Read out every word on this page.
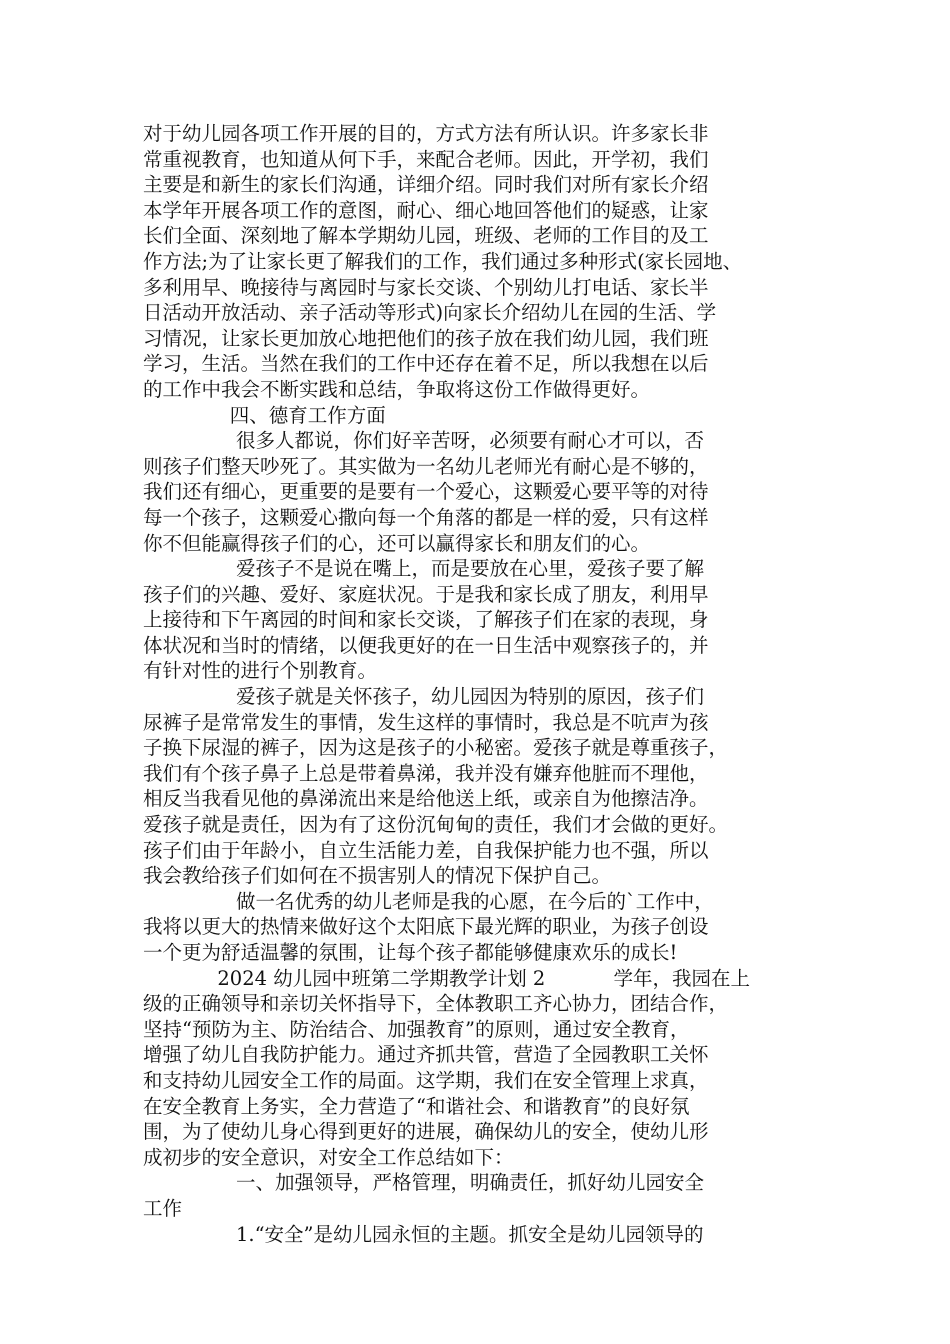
对于幼儿园各项工作开展的目的，方式方法有所认识。许多家长非
常重视教育，也知道从何下手，来配合老师。因此，开学初，我们
主要是和新生的家长们沟通，详细介绍。同时我们对所有家长介绍
本学年开展各项工作的意图，耐心、细心地回答他们的疑惑，让家
长们全面、深刻地了解本学期幼儿园，班级、老师的工作目的及工
作方法;为了让家长更了解我们的工作，我们通过多种形式(家长园地、
多利用早、晚接待与离园时与家长交谈、个别幼儿打电话、家长半
日活动开放活动、亲子活动等形式)向家长介绍幼儿在园的生活、学
习情况，让家长更加放心地把他们的孩子放在我们幼儿园，我们班
学习，生活。当然在我们的工作中还存在着不足，所以我想在以后
的工作中我会不断实践和总结，争取将这份工作做得更好。
四、德育工作方面
很多人都说，你们好辛苦呀，必须要有耐心才可以，否
则孩子们整天吵死了。其实做为一名幼儿老师光有耐心是不够的，
我们还有细心，更重要的是要有一个爱心，这颗爱心要平等的对待
每一个孩子，这颗爱心撒向每一个角落的都是一样的爱，只有这样
你不但能赢得孩子们的心，还可以赢得家长和朋友们的心。
爱孩子不是说在嘴上，而是要放在心里，爱孩子要了解
孩子们的兴趣、爱好、家庭状况。于是我和家长成了朋友，利用早
上接待和下午离园的时间和家长交谈，了解孩子们在家的表现，身
体状况和当时的情绪，以便我更好的在一日生活中观察孩子的，并
有针对性的进行个别教育。
爱孩子就是关怀孩子，幼儿园因为特别的原因，孩子们
尿裤子是常常发生的事情，发生这样的事情时，我总是不吭声为孩
子换下尿湿的裤子，因为这是孩子的小秘密。爱孩子就是尊重孩子，
我们有个孩子鼻子上总是带着鼻涕，我并没有嫌弃他脏而不理他，
相反当我看见他的鼻涕流出来是给他送上纸，或亲自为他擦洁净。
爱孩子就是责任，因为有了这份沉甸甸的责任，我们才会做的更好。
孩子们由于年龄小，自立生活能力差，自我保护能力也不强，所以
我会教给孩子们如何在不损害别人的情况下保护自己。
做一名优秀的幼儿老师是我的心愿，在今后的`工作中，
我将以更大的热情来做好这个太阳底下最光辉的职业，为孩子创设
一个更为舒适温馨的氛围，让每个孩子都能够健康欢乐的成长!
2024 幼儿园中班第二学期教学计划 2           学年，我园在上
级的正确领导和亲切关怀指导下，全体教职工齐心协力，团结合作，
坚持“预防为主、防治结合、加强教育”的原则，通过安全教育，
增强了幼儿自我防护能力。通过齐抓共管，营造了全园教职工关怀
和支持幼儿园安全工作的局面。这学期，我们在安全管理上求真，
在安全教育上务实，全力营造了“和谐社会、和谐教育”的良好氛
围，为了使幼儿身心得到更好的进展，确保幼儿的安全，使幼儿形
成初步的安全意识，对安全工作总结如下：
一、加强领导，严格管理，明确责任，抓好幼儿园安全
工作
1.“安全”是幼儿园永恒的主题。抓安全是幼儿园领导的
